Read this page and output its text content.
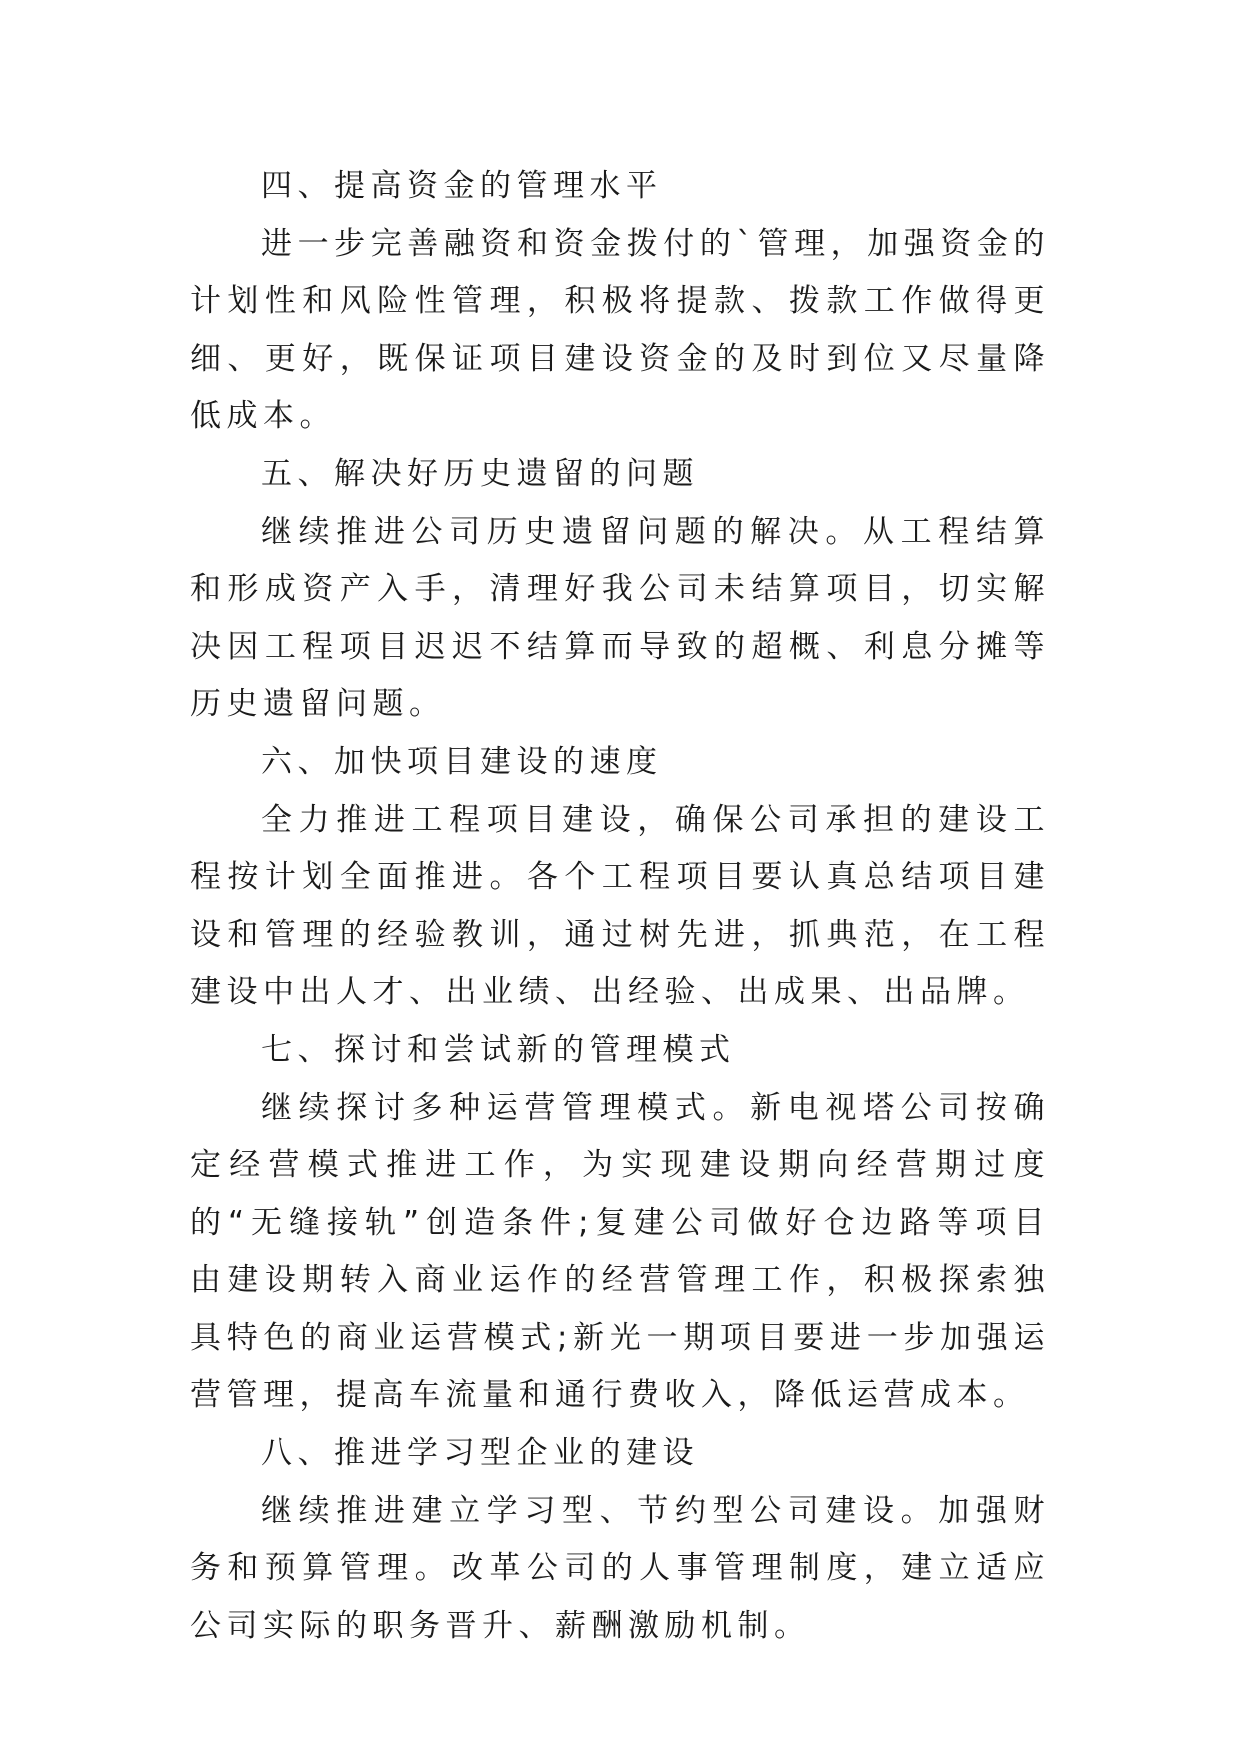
四、提高资金的管理水平

进一步完善融资和资金拨付的`管理，加强资金的计划性和风险性管理，积极将提款、拨款工作做得更细、更好，既保证项目建设资金的及时到位又尽量降低成本。

五、解决好历史遗留的问题

继续推进公司历史遗留问题的解决。从工程结算和形成资产入手，清理好我公司未结算项目，切实解决因工程项目迟迟不结算而导致的超概、利息分摊等历史遗留问题。

六、加快项目建设的速度

全力推进工程项目建设，确保公司承担的建设工程按计划全面推进。各个工程项目要认真总结项目建设和管理的经验教训，通过树先进，抓典范，在工程建设中出人才、出业绩、出经验、出成果、出品牌。

七、探讨和尝试新的管理模式

继续探讨多种运营管理模式。新电视塔公司按确定经营模式推进工作，为实现建设期向经营期过度的“无缝接轨”创造条件;复建公司做好仓边路等项目由建设期转入商业运作的经营管理工作，积极探索独具特色的商业运营模式;新光一期项目要进一步加强运营管理，提高车流量和通行费收入，降低运营成本。

八、推进学习型企业的建设

继续推进建立学习型、节约型公司建设。加强财务和预算管理。改革公司的人事管理制度，建立适应公司实际的职务晋升、薪酬激励机制。
